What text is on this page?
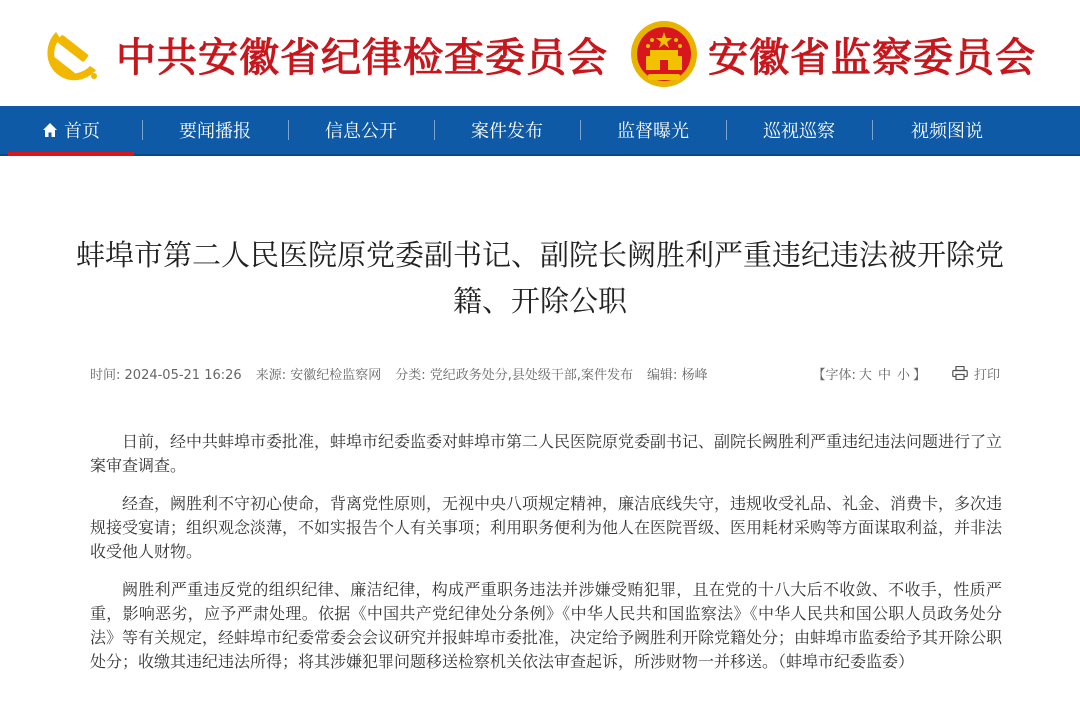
中共安徽省纪律检查委员会	安徽省监察委员会
首页	要闻播报	信息公开	案件发布	监督曝光	巡视巡察	视频图说
蚌埠市第二人民医院原党委副书记、副院长阙胜利严重违纪违法被开除党籍、开除公职
时间: 2024-05-21 16:26 来源: 安徽纪检监察网 分类: 党纪政务处分,县处级干部,案件发布 编辑: 杨峰	【字体: 大 中 小 】	打印

日前，经中共蚌埠市委批准，蚌埠市纪委监委对蚌埠市第二人民医院原党委副书记、副院长阙胜利严重违纪违法问题进行了立案审查调查。

经查，阙胜利不守初心使命，背离党性原则，无视中央八项规定精神，廉洁底线失守，违规收受礼品、礼金、消费卡，多次违规接受宴请；组织观念淡薄，不如实报告个人有关事项；利用职务便利为他人在医院晋级、医用耗材采购等方面谋取利益，并非法收受他人财物。

阙胜利严重违反党的组织纪律、廉洁纪律，构成严重职务违法并涉嫌受贿犯罪，且在党的十八大后不收敛、不收手，性质严重，影响恶劣，应予严肃处理。依据《中国共产党纪律处分条例》《中华人民共和国监察法》《中华人民共和国公职人员政务处分法》等有关规定，经蚌埠市纪委常委会会议研究并报蚌埠市委批准，决定给予阙胜利开除党籍处分；由蚌埠市监委给予其开除公职处分；收缴其违纪违法所得；将其涉嫌犯罪问题移送检察机关依法审查起诉，所涉财物一并移送。（蚌埠市纪委监委）
